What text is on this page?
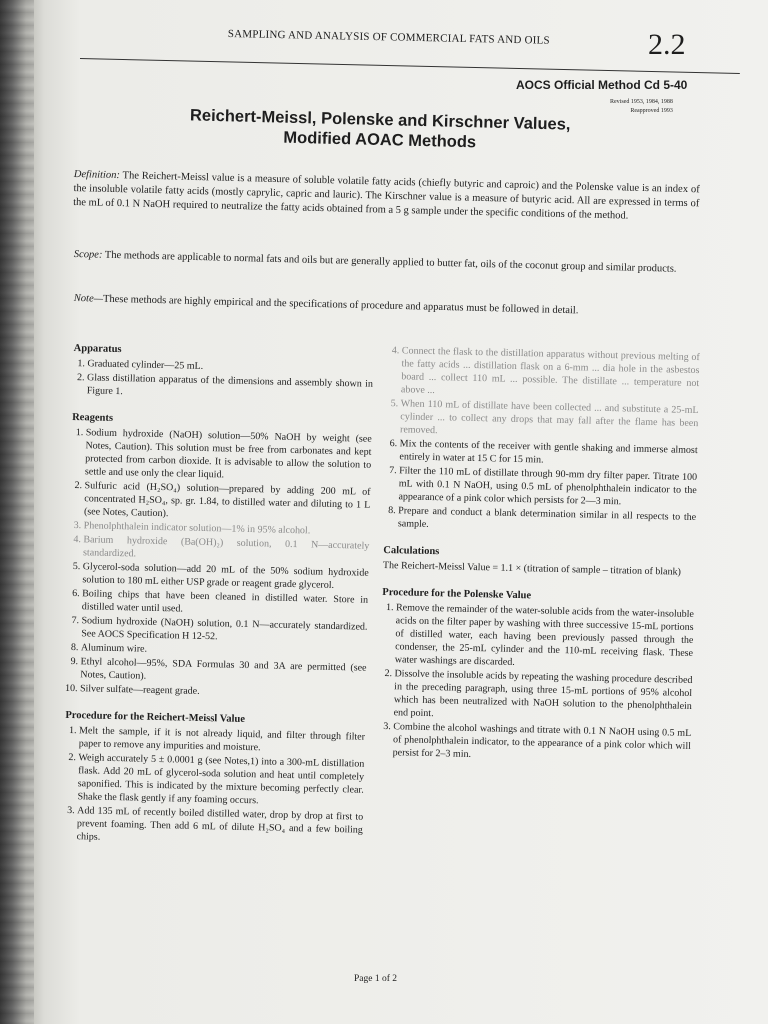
SAMPLING AND ANALYSIS OF COMMERCIAL FATS AND OILS	2.2
AOCS Official Method Cd 5-40
Revised 1953, 1984, 1988
Reapproved 1993
Reichert-Meissl, Polenske and Kirschner Values,
Modified AOAC Methods
Definition: The Reichert-Meissl value is a measure of soluble volatile fatty acids (chiefly butyric and caproic) and the Polenske value is an index of the insoluble volatile fatty acids (mostly caprylic, capric and lauric). The Kirschner value is a measure of butyric acid. All are expressed in terms of the mL of 0.1 N NaOH required to neutralize the fatty acids obtained from a 5 g sample under the specific conditions of the method.
Scope: The methods are applicable to normal fats and oils but are generally applied to butter fat, oils of the coconut group and similar products.
Note—These methods are highly empirical and the specifications of procedure and apparatus must be followed in detail.
Apparatus
1. Graduated cylinder—25 mL.
2. Glass distillation apparatus of the dimensions and assembly shown in Figure 1.
Reagents
1. Sodium hydroxide (NaOH) solution—50% NaOH by weight (see Notes, Caution). This solution must be free from carbonates and kept protected from carbon dioxide. It is advisable to allow the solution to settle and use only the clear liquid.
2. Sulfuric acid (H₂SO₄) solution—prepared by adding 200 mL of concentrated H₂SO₄, sp. gr. 1.84, to distilled water and diluting to 1 L (see Notes, Caution).
3. Phenolphthalein indicator solution—1% in 95% alcohol.
4. Barium hydroxide (Ba(OH)₂) solution, 0.1 N—accurately standardized.
5. Glycerol-soda solution—add 20 mL of the 50% sodium hydroxide solution to 180 mL either USP grade or reagent grade glycerol.
6. Boiling chips that have been cleaned in distilled water. Store in distilled water until used.
7. Sodium hydroxide (NaOH) solution, 0.1 N—accurately standardized. See AOCS Specification H 12-52.
8. Aluminum wire.
9. Ethyl alcohol—95%, SDA Formulas 30 and 3A are permitted (see Notes, Caution).
10. Silver sulfate—reagent grade.
Procedure for the Reichert-Meissl Value
1. Melt the sample, if it is not already liquid, and filter through filter paper to remove any impurities and moisture.
2. Weigh accurately 5 ± 0.0001 g (see Notes,1) into a 300-mL distillation flask. Add 20 mL of glycerol-soda solution and heat until completely saponified. This is indicated by the mixture becoming perfectly clear. Shake the flask gently if any foaming occurs.
3. Add 135 mL of recently boiled distilled water, drop by drop at first to prevent foaming. Then add 6 mL of dilute H₂SO₄ and a few boiling chips.
4. Connect the flask to the distillation apparatus without previous melting of the fatty acids ... distillation flask on a 6-mm ... dia hole in the asbestos board ... collect 110 mL ... possible. The distillate ... temperature not above ...
5. When 110 mL of distillate have been collected ... and substitute a 25-mL cylinder ... to collect any drops that may fall after the flame has been removed.
6. Mix the contents of the receiver with gentle shaking and immerse almost entirely in water at 15 C for 15 min.
7. Filter the 110 mL of distillate through 90-mm dry filter paper. Titrate 100 mL with 0.1 N NaOH, using 0.5 mL of phenolphthalein indicator to the appearance of a pink color which persists for 2—3 min.
8. Prepare and conduct a blank determination similar in all respects to the sample.
Calculations

The Reichert-Meissl Value = 1.1 × (titration of sample – titration of blank)

Procedure for the Polenske Value
1. Remove the remainder of the water-soluble acids from the water-insoluble acids on the filter paper by washing with three successive 15-mL portions of distilled water, each having been previously passed through the condenser, the 25-mL cylinder and the 110-mL receiving flask. These water washings are discarded.
2. Dissolve the insoluble acids by repeating the washing procedure described in the preceding paragraph, using three 15-mL portions of 95% alcohol which has been neutralized with NaOH solution to the phenolphthalein end point.
3. Combine the alcohol washings and titrate with 0.1 N NaOH using 0.5 mL of phenolphthalein indicator, to the appearance of a pink color which will persist for 2–3 min.
Page 1 of 2
